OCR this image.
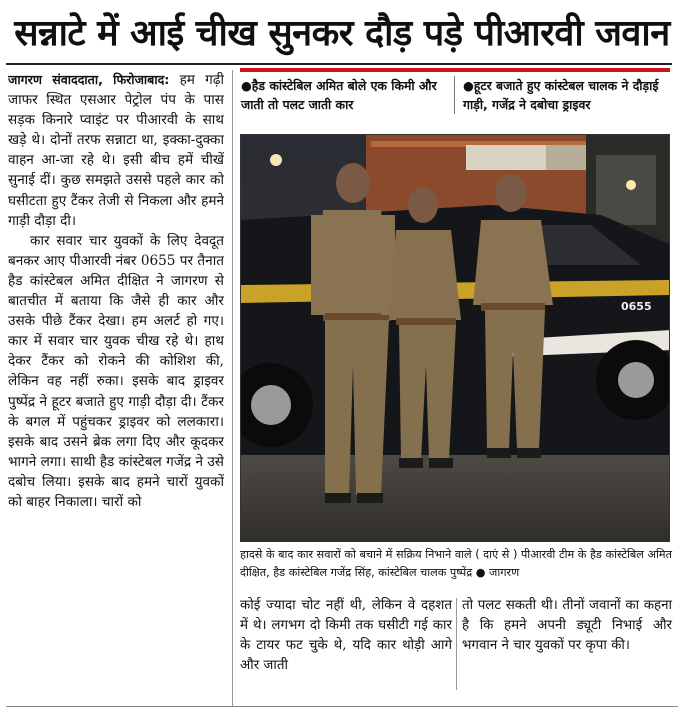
सन्नाटे में आई चीख सुनकर दौड़ पड़े पीआरवी जवान

जागरण संवाददाता, फिरोजाबाद: हम गढ़ी जाफर स्थित एसआर पेट्रोल पंप के पास सड़क किनारे प्वाइंट पर पीआरवी के साथ खड़े थे। दोनों तरफ सन्नाटा था, इक्का-दुक्का वाहन आ-जा रहे थे। इसी बीच हमें चीखें सुनाई दीं। कुछ समझते उससे पहले कार को घसीटता हुए टैंकर तेजी से निकला और हमने गाड़ी दौड़ा दी।

कार सवार चार युवकों के लिए देवदूत बनकर आए पीआरवी नंबर 0655 पर तैनात हैड कांस्टेबल अमित दीक्षित ने जागरण से बातचीत में बताया कि जैसे ही कार और उसके पीछे टैंकर देखा। हम अलर्ट हो गए। कार में सवार चार युवक चीख रहे थे। हाथ देकर टैंकर को रोकने की कोशिश की, लेकिन वह नहीं रुका। इसके बाद ड्राइवर पुष्पेंद्र ने हूटर बजाते हुए गाड़ी दौड़ा दी। टैंकर के बगल में पहुंचकर ड्राइवर को ललकारा। इसके बाद उसने ब्रेक लगा दिए और कूदकर भागने लगा। साथी हैड कांस्टेबल गजेंद्र ने उसे दबोच लिया। इसके बाद हमने चारों युवकों को बाहर निकाला। चारों को

●हैड कांस्टेबिल अमित बोले एक किमी और जाती तो पलट जाती कार
●हूटर बजाते हुए कांस्टेबल चालक ने दौड़ाई गाड़ी, गजेंद्र ने दबोचा ड्राइवर
0655
हादसे के बाद कार सवारों को बचाने में सक्रिय निभाने वाले ( दाएं से ) पीआरवी टीम के हैड कांस्टेबिल अमित दीक्षित, हैड कांस्टेबिल गजेंद्र सिंह, कांस्टेबिल चालक पुष्पेंद्र ● जागरण
कोई ज्यादा चोट नहीं थी, लेकिन वे दहशत में थे। लगभग दो किमी तक घसीटी गई कार के टायर फट चुके थे, यदि कार थोड़ी आगे और जाती
तो पलट सकती थी। तीनों जवानों का कहना है कि हमने अपनी ड्यूटी निभाई और भगवान ने चार युवकों पर कृपा की।
